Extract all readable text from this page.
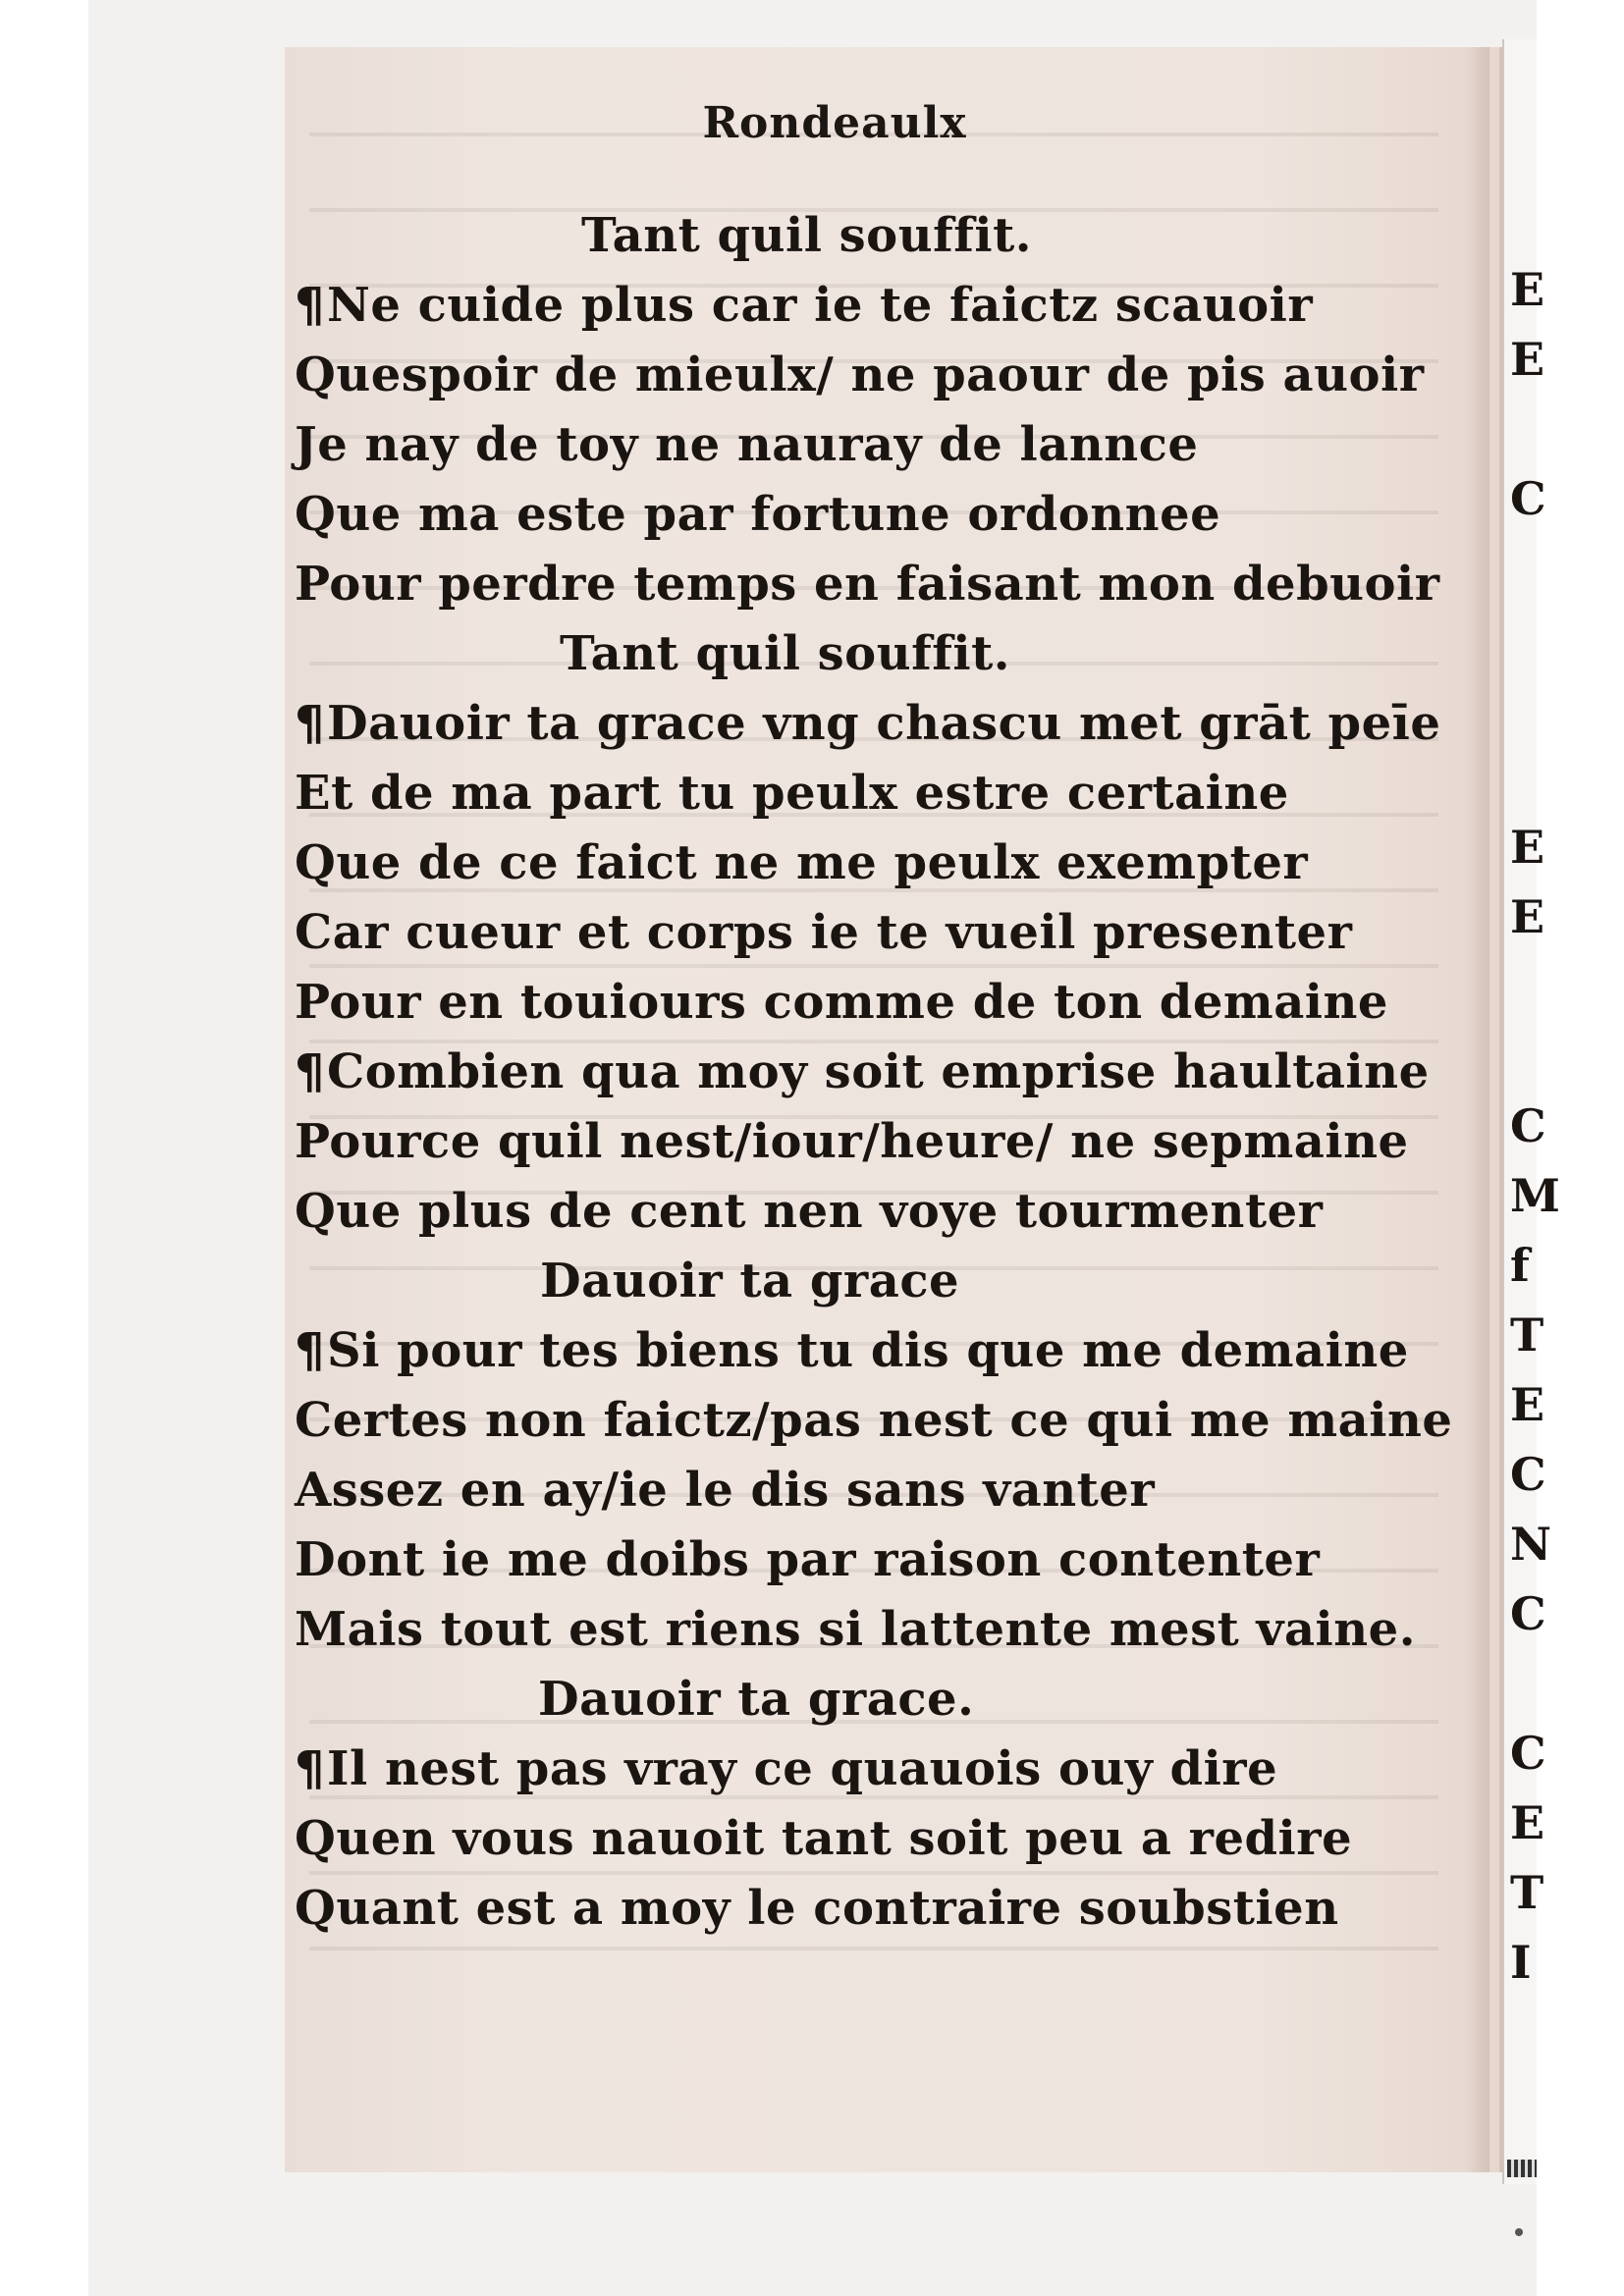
Rondeaulx
Tant quil souffit.
¶Ne cuide plus car ie te faictz scauoir
Quespoir de mieulx/ ne paour de pis auoir
Je nay de toy ne nauray de lannce
Que ma este par fortune ordonnee
Pour perdre temps en faisant mon debuoir
Tant quil souffit.
¶Dauoir ta grace vng chascu met grāt peīe
Et de ma part tu peulx estre certaine
Que de ce faict ne me peulx exempter
Car cueur et corps ie te vueil presenter
Pour en touiours comme de ton demaine
¶Combien qua moy soit emprise haultaine
Pource quil nest/iour/heure/ ne sepmaine
Que plus de cent nen voye tourmenter
Dauoir ta grace
¶Si pour tes biens tu dis que me demaine
Certes non faictz/pas nest ce qui me maine
Assez en ay/ie le dis sans vanter
Dont ie me doibs par raison contenter
Mais tout est riens si lattente mest vaine.
Dauoir ta grace.
¶Il nest pas vray ce quauois ouy dire
Quen vous nauoit tant soit peu a redire
Quant est a moy le contraire soubstien
E
E
C
E
E
C
M
f
T
E
C
N
C
C
E
T
I
